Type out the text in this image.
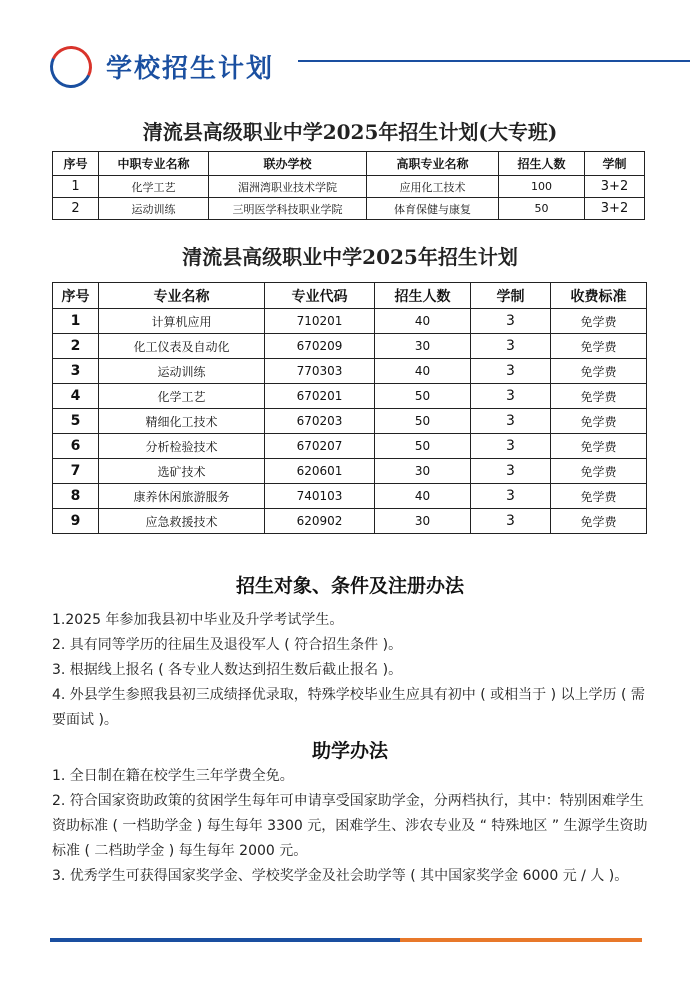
学校招生计划
清流县高级职业中学2025年招生计划(大专班)
序号	中职专业名称	联办学校	高职专业名称	招生人数	学制
1	化学工艺	湄洲湾职业技术学院	应用化工技术	100	3+2
2	运动训练	三明医学科技职业学院	体育保健与康复	50	3+2
清流县高级职业中学2025年招生计划
序号	专业名称	专业代码	招生人数	学制	收费标准
1	计算机应用	710201	40	3	免学费
2	化工仪表及自动化	670209	30	3	免学费
3	运动训练	770303	40	3	免学费
4	化学工艺	670201	50	3	免学费
5	精细化工技术	670203	50	3	免学费
6	分析检验技术	670207	50	3	免学费
7	选矿技术	620601	30	3	免学费
8	康养休闲旅游服务	740103	40	3	免学费
9	应急救援技术	620902	30	3	免学费
招生对象、条件及注册办法

1.2025 年参加我县初中毕业及升学考试学生。

2. 具有同等学历的往届生及退役军人 ( 符合招生条件 )。

3. 根据线上报名 ( 各专业人数达到招生数后截止报名 )。

4. 外县学生参照我县初三成绩择优录取，特殊学校毕业生应具有初中 ( 或相当于 ) 以上学历 ( 需要面试 )。

助学办法

1. 全日制在籍在校学生三年学费全免。

2. 符合国家资助政策的贫困学生每年可申请享受国家助学金，分两档执行，其中：特别困难学生资助标准 ( 一档助学金 ) 每生每年 3300 元，困难学生、涉农专业及 “ 特殊地区 ” 生源学生资助标准 ( 二档助学金 ) 每生每年 2000 元。

3. 优秀学生可获得国家奖学金、学校奖学金及社会助学等 ( 其中国家奖学金 6000 元 / 人 )。
